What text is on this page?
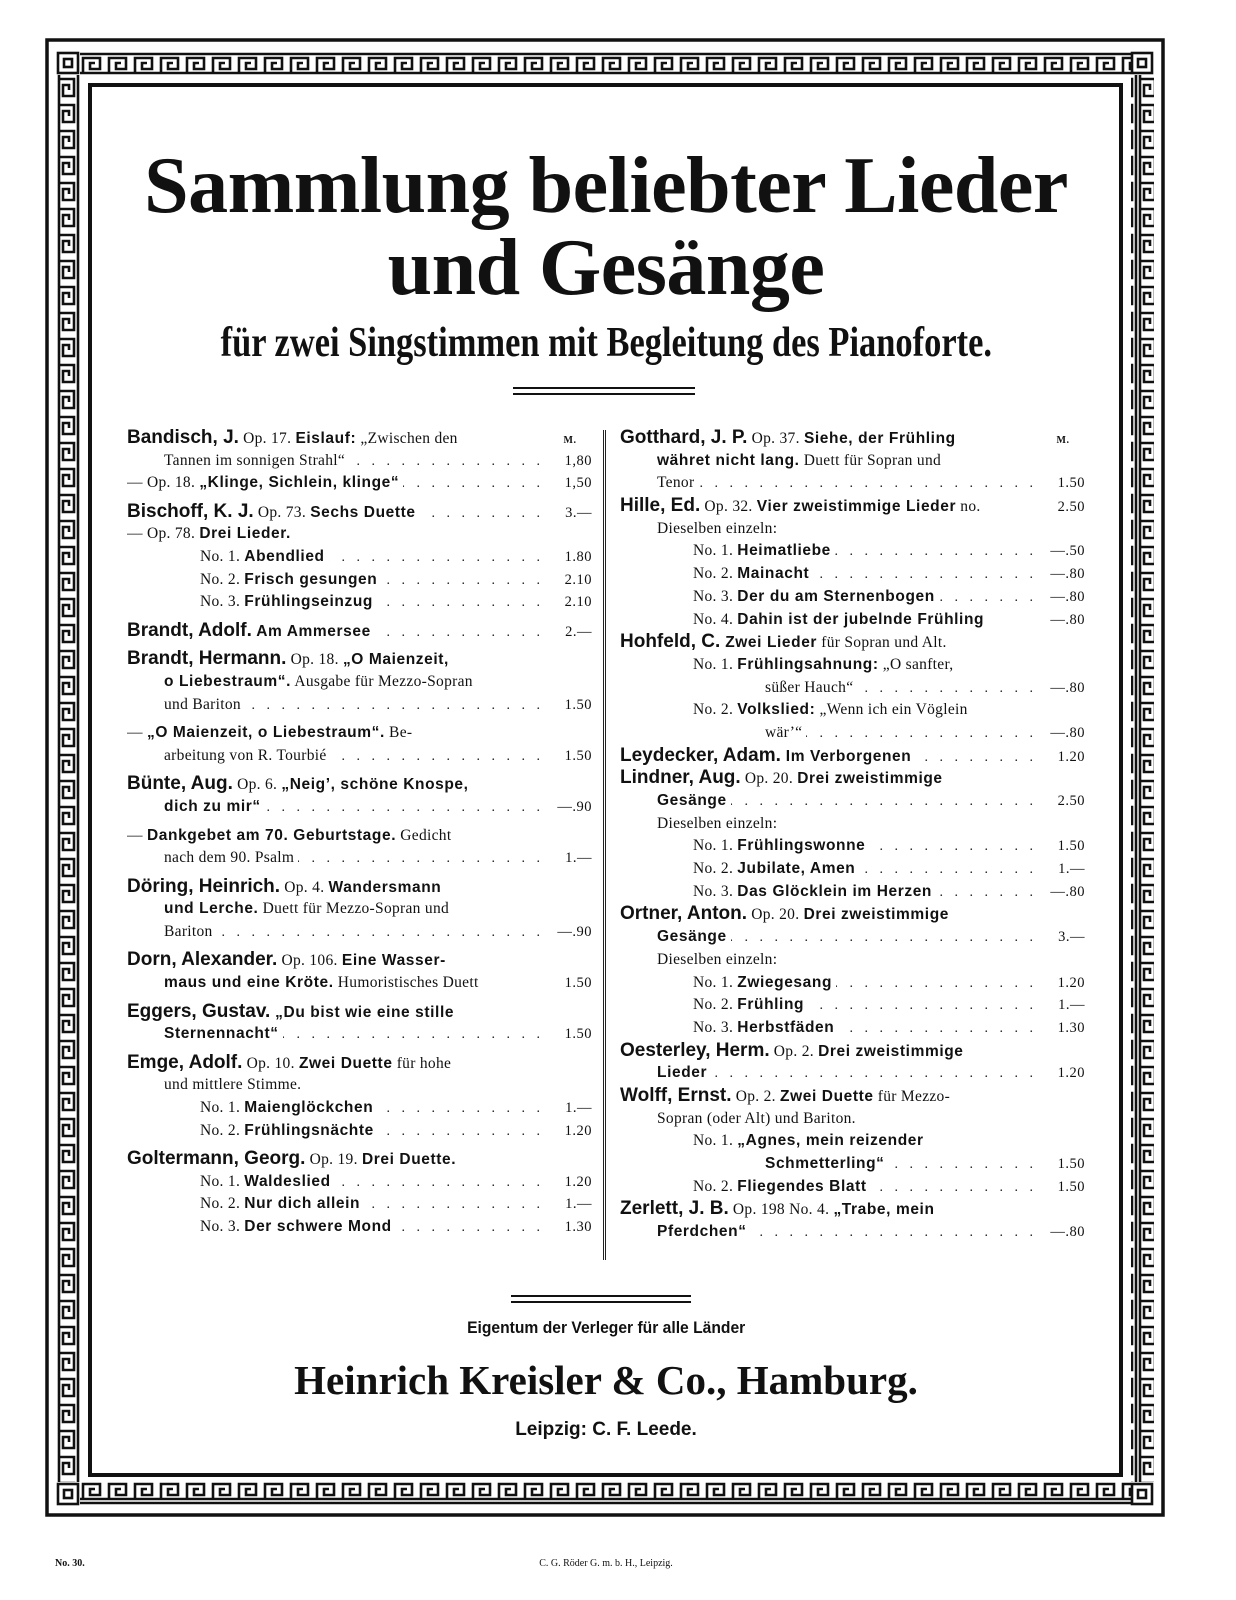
Sammlung beliebter Lieder
und Gesänge
für zwei Singstimmen mit Begleitung des Pianoforte.
Bandisch, J. Op. 17. Eislauf: „Zwischen den	M.
Tannen im sonnigen Strahl“ . . .	1,80
— Op. 18. „Klinge, Sichlein, klinge“ . . .	1,50
Bischoff, K. J. Op. 73. Sechs Duette . . .	3.—
— Op. 78. Drei Lieder.
No. 1. Abendlied . . .	1.80
No. 2. Frisch gesungen . . .	2.10
No. 3. Frühlingseinzug . . .	2.10
Brandt, Adolf. Am Ammersee . . .	2.—
Brandt, Hermann. Op. 18. „O Maienzeit,
o Liebestraum“. Ausgabe für Mezzo-Sopran
und Bariton . . .	1.50
— „O Maienzeit, o Liebestraum“. Be-
arbeitung von R. Tourbié . . .	1.50
Bünte, Aug. Op. 6. „Neig’, schöne Knospe,
dich zu mir“ . . .	—.90
— Dankgebet am 70. Geburtstage. Gedicht
nach dem 90. Psalm . . .	1.—
Döring, Heinrich. Op. 4. Wandersmann
und Lerche. Duett für Mezzo-Sopran und
Bariton . . .	—.90
Dorn, Alexander. Op. 106. Eine Wasser-
maus und eine Kröte. Humoristisches Duett	1.50
Eggers, Gustav. „Du bist wie eine stille
Sternennacht“ . . .	1.50
Emge, Adolf. Op. 10. Zwei Duette für hohe
und mittlere Stimme.
No. 1. Maienglöckchen . . .	1.—
No. 2. Frühlingsnächte . . .	1.20
Goltermann, Georg. Op. 19. Drei Duette.
No. 1. Waldeslied . . .	1.20
No. 2. Nur dich allein . . .	1.—
No. 3. Der schwere Mond . . .	1.30
Gotthard, J. P. Op. 37. Siehe, der Frühling	M.
währet nicht lang. Duett für Sopran und
Tenor . . .	1.50
Hille, Ed. Op. 32. Vier zweistimmige Lieder no.	2.50
Dieselben einzeln:
No. 1. Heimatliebe . . .	—.50
No. 2. Mainacht . . .	—.80
No. 3. Der du am Sternenbogen . . .	—.80
No. 4. Dahin ist der jubelnde Frühling	—.80
Hohfeld, C. Zwei Lieder für Sopran und Alt.
No. 1. Frühlingsahnung: „O sanfter,
süßer Hauch“ . . .	—.80
No. 2. Volkslied: „Wenn ich ein Vöglein
wär’“ . . .	—.80
Leydecker, Adam. Im Verborgenen . . .	1.20
Lindner, Aug. Op. 20. Drei zweistimmige
Gesänge . . .	2.50
Dieselben einzeln:
No. 1. Frühlingswonne . . .	1.50
No. 2. Jubilate, Amen . . .	1.—
No. 3. Das Glöcklein im Herzen . . .	—.80
Ortner, Anton. Op. 20. Drei zweistimmige
Gesänge . . .	3.—
Dieselben einzeln:
No. 1. Zwiegesang . . .	1.20
No. 2. Frühling . . .	1.—
No. 3. Herbstfäden . . .	1.30
Oesterley, Herm. Op. 2. Drei zweistimmige
Lieder . . .	1.20
Wolff, Ernst. Op. 2. Zwei Duette für Mezzo-
Sopran (oder Alt) und Bariton.
No. 1. „Agnes, mein reizender
Schmetterling“ . . .	1.50
No. 2. Fliegendes Blatt . . .	1.50
Zerlett, J. B. Op. 198 No. 4. „Trabe, mein
Pferdchen“ . . .	—.80
Eigentum der Verleger für alle Länder
Heinrich Kreisler & Co., Hamburg.
Leipzig: C. F. Leede.
No. 30.	C. G. Röder G. m. b. H., Leipzig.
